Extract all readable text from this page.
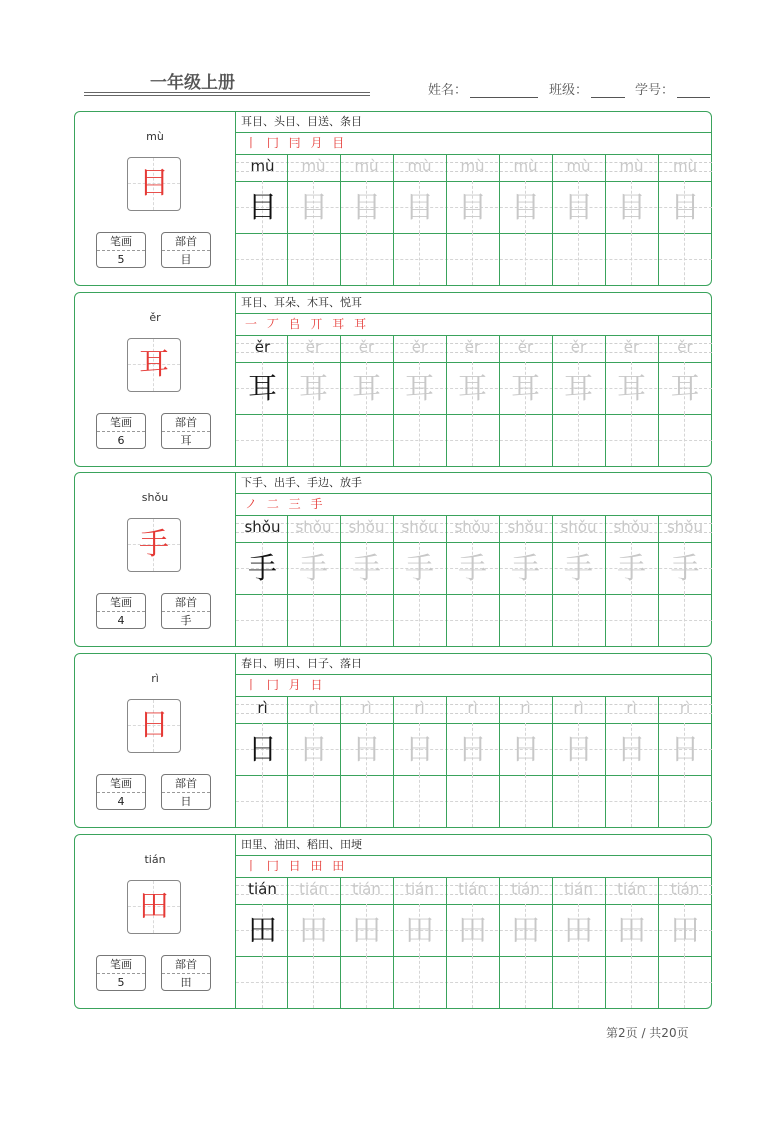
一年级上册	姓名：	班级：	学号：
mù
目
笔画
5
部首
目
耳目、头目、目送、条目
丨 冂 冃 月 目
mù	mù	mù	mù	mù	mù	mù	mù	mù
目 目 目 目 目 目 目 目 目
ěr
耳
笔画
6
部首
耳
耳目、耳朵、木耳、悦耳
一 丆 𠂤 丌 耳 耳
ěr	ěr	ěr	ěr	ěr	ěr	ěr	ěr	ěr
耳 耳 耳 耳 耳 耳 耳 耳 耳
shǒu
手
笔画
4
部首
手
下手、出手、手边、放手
ノ 二 三 手
shǒu shǒu	shǒu	shǒu	shǒu	shǒu	shǒu	shǒu	shǒu
手 手 手 手 手 手 手 手 手
rì
日
笔画
4
部首
日
春日、明日、日子、落日
丨 冂 月 日
rì	rì	rì	rì	rì	rì	rì	rì	rì
日 日 日 日 日 日 日 日 日
tián
田
笔画
5
部首
田
田里、油田、稻田、田埂
丨 冂 日 田 田
tián	tián	tián	tián	tián	tián	tián	tián	tián
田 田 田 田 田 田 田 田 田
第2页 / 共20页
